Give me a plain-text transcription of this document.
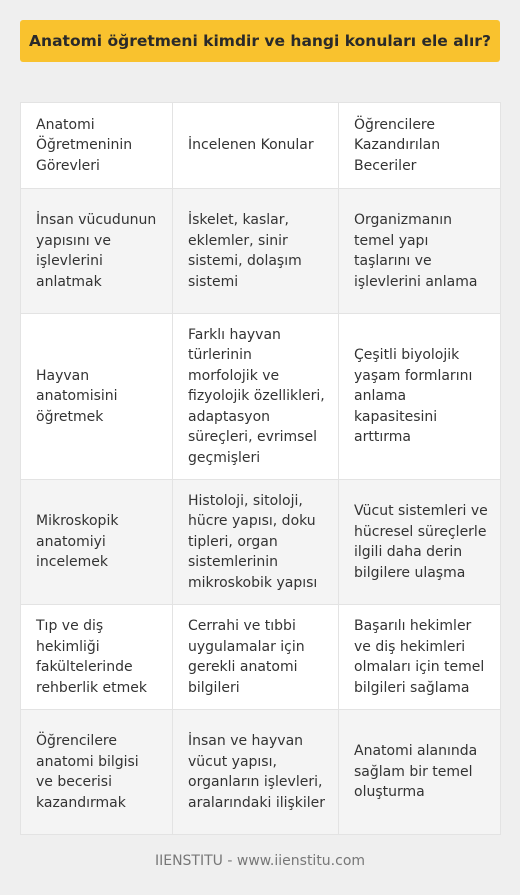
Anatomi öğretmeni kimdir ve hangi konuları ele alır?
Anatomi Öğretmeninin Görevleri	İncelenen Konular	Öğrencilere Kazandırılan Beceriler
İnsan vücudunun yapısını ve işlevlerini anlatmak	İskelet, kaslar, eklemler, sinir sistemi, dolaşım sistemi	Organizmanın temel yapı taşlarını ve işlevlerini anlama
Hayvan anatomisini öğretmek	Farklı hayvan türlerinin morfolojik ve fizyolojik özellikleri, adaptasyon süreçleri, evrimsel geçmişleri	Çeşitli biyolojik yaşam formlarını anlama kapasitesini arttırma
Mikroskopik anatomiyi incelemek	Histoloji, sitoloji, hücre yapısı, doku tipleri, organ sistemlerinin mikroskobik yapısı	Vücut sistemleri ve hücresel süreçlerle ilgili daha derin bilgilere ulaşma
Tıp ve diş hekimliği fakültelerinde rehberlik etmek	Cerrahi ve tıbbi uygulamalar için gerekli anatomi bilgileri	Başarılı hekimler ve diş hekimleri olmaları için temel bilgileri sağlama
Öğrencilere anatomi bilgisi ve becerisi kazandırmak	İnsan ve hayvan vücut yapısı, organların işlevleri, aralarındaki ilişkiler	Anatomi alanında sağlam bir temel oluşturma
IIENSTITU - www.iienstitu.com
